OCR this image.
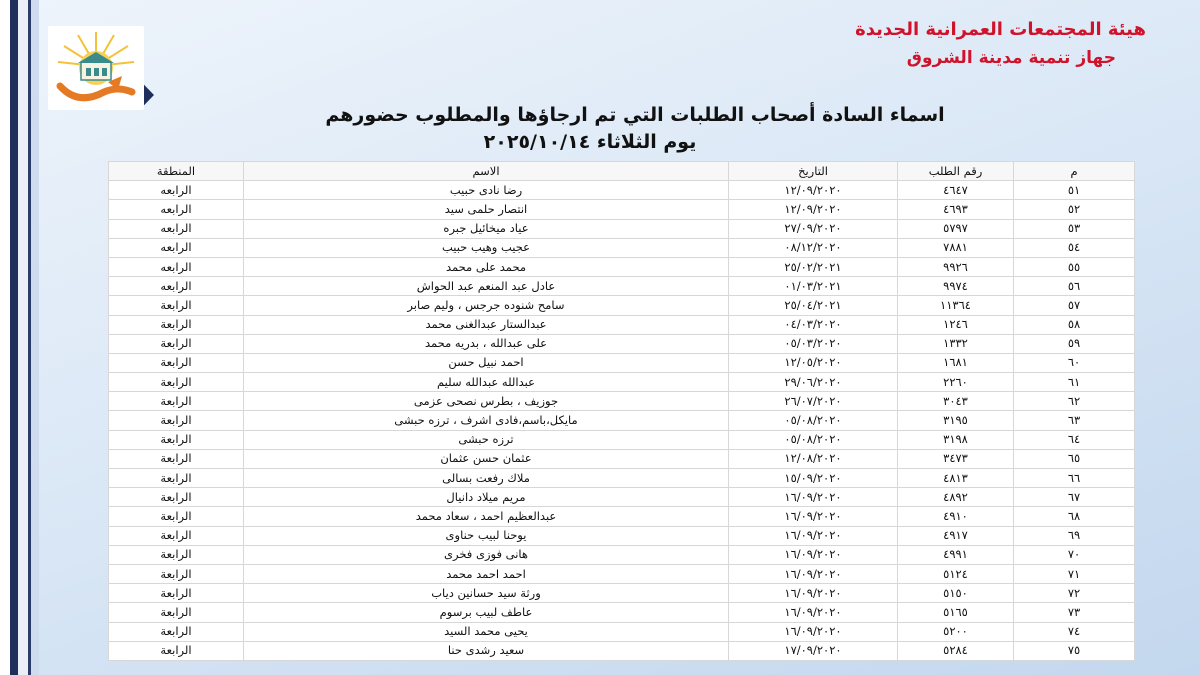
هيئة المجتمعات العمرانية الجديدة
جهاز تنمية مدينة الشروق
اسماء السادة أصحاب الطلبات التي تم ارجاؤها والمطلوب حضورهم
يوم الثلاثاء ٢٠٢٥/١٠/١٤
م	رقم الطلب	التاريخ	الاسم	المنطقة
٥١	٤٦٤٧	١٢/٠٩/٢٠٢٠	رضا نادى حبيب	الرابعه
٥٢	٤٦٩٣	١٢/٠٩/٢٠٢٠	انتصار حلمى سيد	الرابعه
٥٣	٥٧٩٧	٢٧/٠٩/٢٠٢٠	عياد ميخائيل جبره	الرابعه
٥٤	٧٨٨١	٠٨/١٢/٢٠٢٠	عجيب وهيب حبيب	الرابعه
٥٥	٩٩٢٦	٢٥/٠٢/٢٠٢١	محمد على محمد	الرابعه
٥٦	٩٩٧٤	٠١/٠٣/٢٠٢١	عادل عبد المنعم عبد الحواش	الرابعه
٥٧	١١٣٦٤	٢٥/٠٤/٢٠٢١	سامح شنوده جرجس ، وليم صابر	الرابعة
٥٨	١٢٤٦	٠٤/٠٣/٢٠٢٠	عبدالستار عبدالغنى محمد	الرابعة
٥٩	١٣٣٢	٠٥/٠٣/٢٠٢٠	على عبدالله ، بدريه محمد	الرابعة
٦٠	١٦٨١	١٢/٠٥/٢٠٢٠	احمد نبيل حسن	الرابعة
٦١	٢٢٦٠	٢٩/٠٦/٢٠٢٠	عبدالله عبدالله سليم	الرابعة
٦٢	٣٠٤٣	٢٦/٠٧/٢٠٢٠	جوزيف ، بطرس نصحى عزمى	الرابعة
٦٣	٣١٩٥	٠٥/٠٨/٢٠٢٠	مايكل،باسم،فادى اشرف ، ترزه حبشى	الرابعة
٦٤	٣١٩٨	٠٥/٠٨/٢٠٢٠	ترزه حبشى	الرابعة
٦٥	٣٤٧٣	١٢/٠٨/٢٠٢٠	عثمان حسن عثمان	الرابعة
٦٦	٤٨١٣	١٥/٠٩/٢٠٢٠	ملاك رفعت بسالى	الرابعة
٦٧	٤٨٩٢	١٦/٠٩/٢٠٢٠	مريم ميلاد دانيال	الرابعة
٦٨	٤٩١٠	١٦/٠٩/٢٠٢٠	عبدالعظيم احمد ، سعاد محمد	الرابعة
٦٩	٤٩١٧	١٦/٠٩/٢٠٢٠	يوحنا لبيب حناوى	الرابعة
٧٠	٤٩٩١	١٦/٠٩/٢٠٢٠	هانى فوزى فخرى	الرابعة
٧١	٥١٢٤	١٦/٠٩/٢٠٢٠	احمد احمد محمد	الرابعة
٧٢	٥١٥٠	١٦/٠٩/٢٠٢٠	ورثة سيد حسانين دياب	الرابعة
٧٣	٥١٦٥	١٦/٠٩/٢٠٢٠	عاطف لبيب برسوم	الرابعة
٧٤	٥٢٠٠	١٦/٠٩/٢٠٢٠	يحيى محمد السيد	الرابعة
٧٥	٥٢٨٤	١٧/٠٩/٢٠٢٠	سعيد رشدى حنا	الرابعة
